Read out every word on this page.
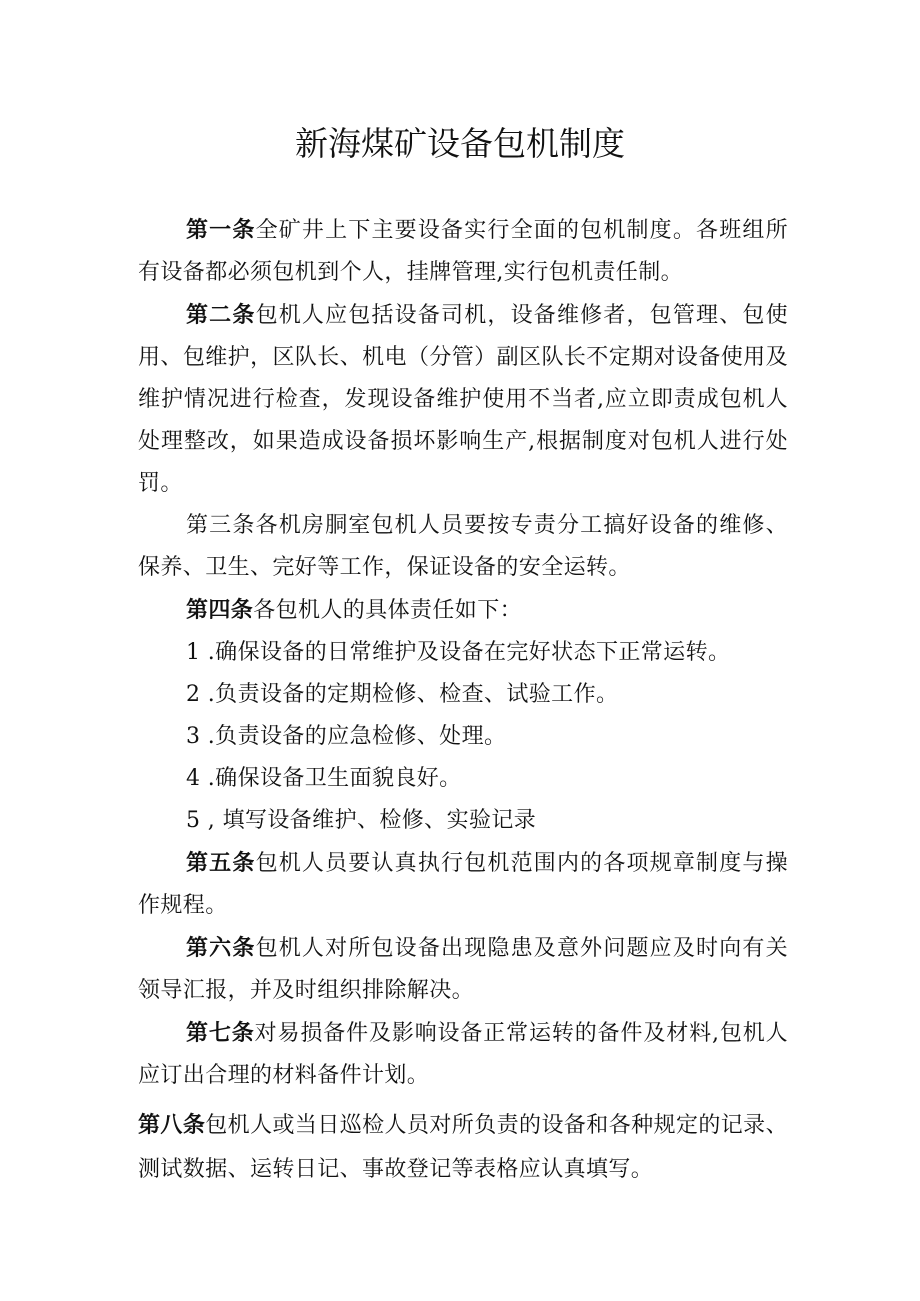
新海煤矿设备包机制度

第一条全矿井上下主要设备实行全面的包机制度。各班组所有设备都必须包机到个人，挂牌管理,实行包机责任制。

第二条包机人应包括设备司机，设备维修者，包管理、包使用、包维护，区队长、机电（分管）副区队长不定期对设备使用及维护情况进行检查，发现设备维护使用不当者,应立即责成包机人处理整改，如果造成设备损坏影响生产,根据制度对包机人进行处罚。

第三条各机房胴室包机人员要按专责分工搞好设备的维修、保养、卫生、完好等工作，保证设备的安全运转。

第四条各包机人的具体责任如下：

1 .确保设备的日常维护及设备在完好状态下正常运转。

2 .负责设备的定期检修、检查、试验工作。

3 .负责设备的应急检修、处理。

4 .确保设备卫生面貌良好。

5 , 填写设备维护、检修、实验记录

第五条包机人员要认真执行包机范围内的各项规章制度与操作规程。

第六条包机人对所包设备出现隐患及意外问题应及时向有关领导汇报，并及时组织排除解决。

第七条对易损备件及影响设备正常运转的备件及材料,包机人应订出合理的材料备件计划。

第八条包机人或当日巡检人员对所负责的设备和各种规定的记录、测试数据、运转日记、事故登记等表格应认真填写。
